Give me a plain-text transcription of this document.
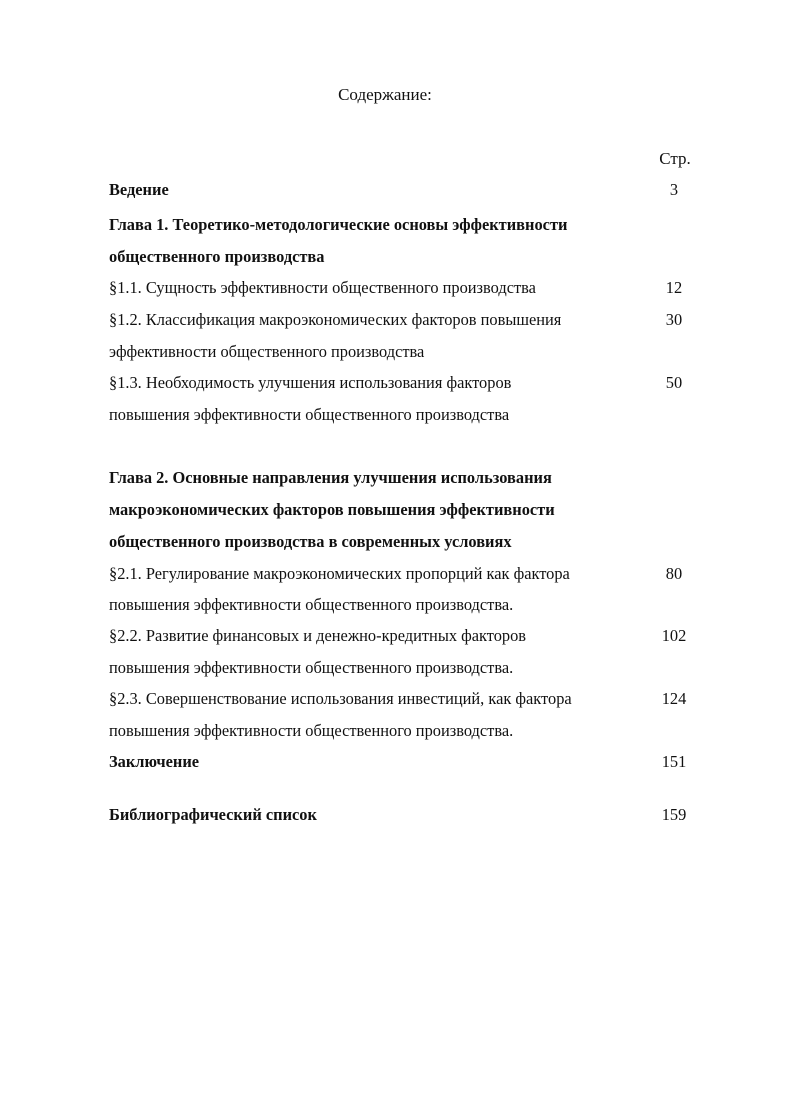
Содержание:
Стр.
Ведение	3
Глава 1. Теоретико-методологические основы эффективности
общественного производства
§1.1. Сущность эффективности общественного производства	12
§1.2. Классификация макроэкономических факторов повышения	30
эффективности общественного производства
§1.3. Необходимость улучшения использования факторов	50
повышения эффективности общественного производства
Глава 2. Основные направления улучшения использования
макроэкономических факторов повышения эффективности
общественного производства в современных условиях
§2.1. Регулирование макроэкономических пропорций как фактора	80
повышения эффективности общественного производства.
§2.2. Развитие финансовых и денежно-кредитных факторов	102
повышения эффективности общественного производства.
§2.3. Совершенствование использования инвестиций, как фактора	124
повышения эффективности общественного производства.
Заключение	151
Библиографический список	159
